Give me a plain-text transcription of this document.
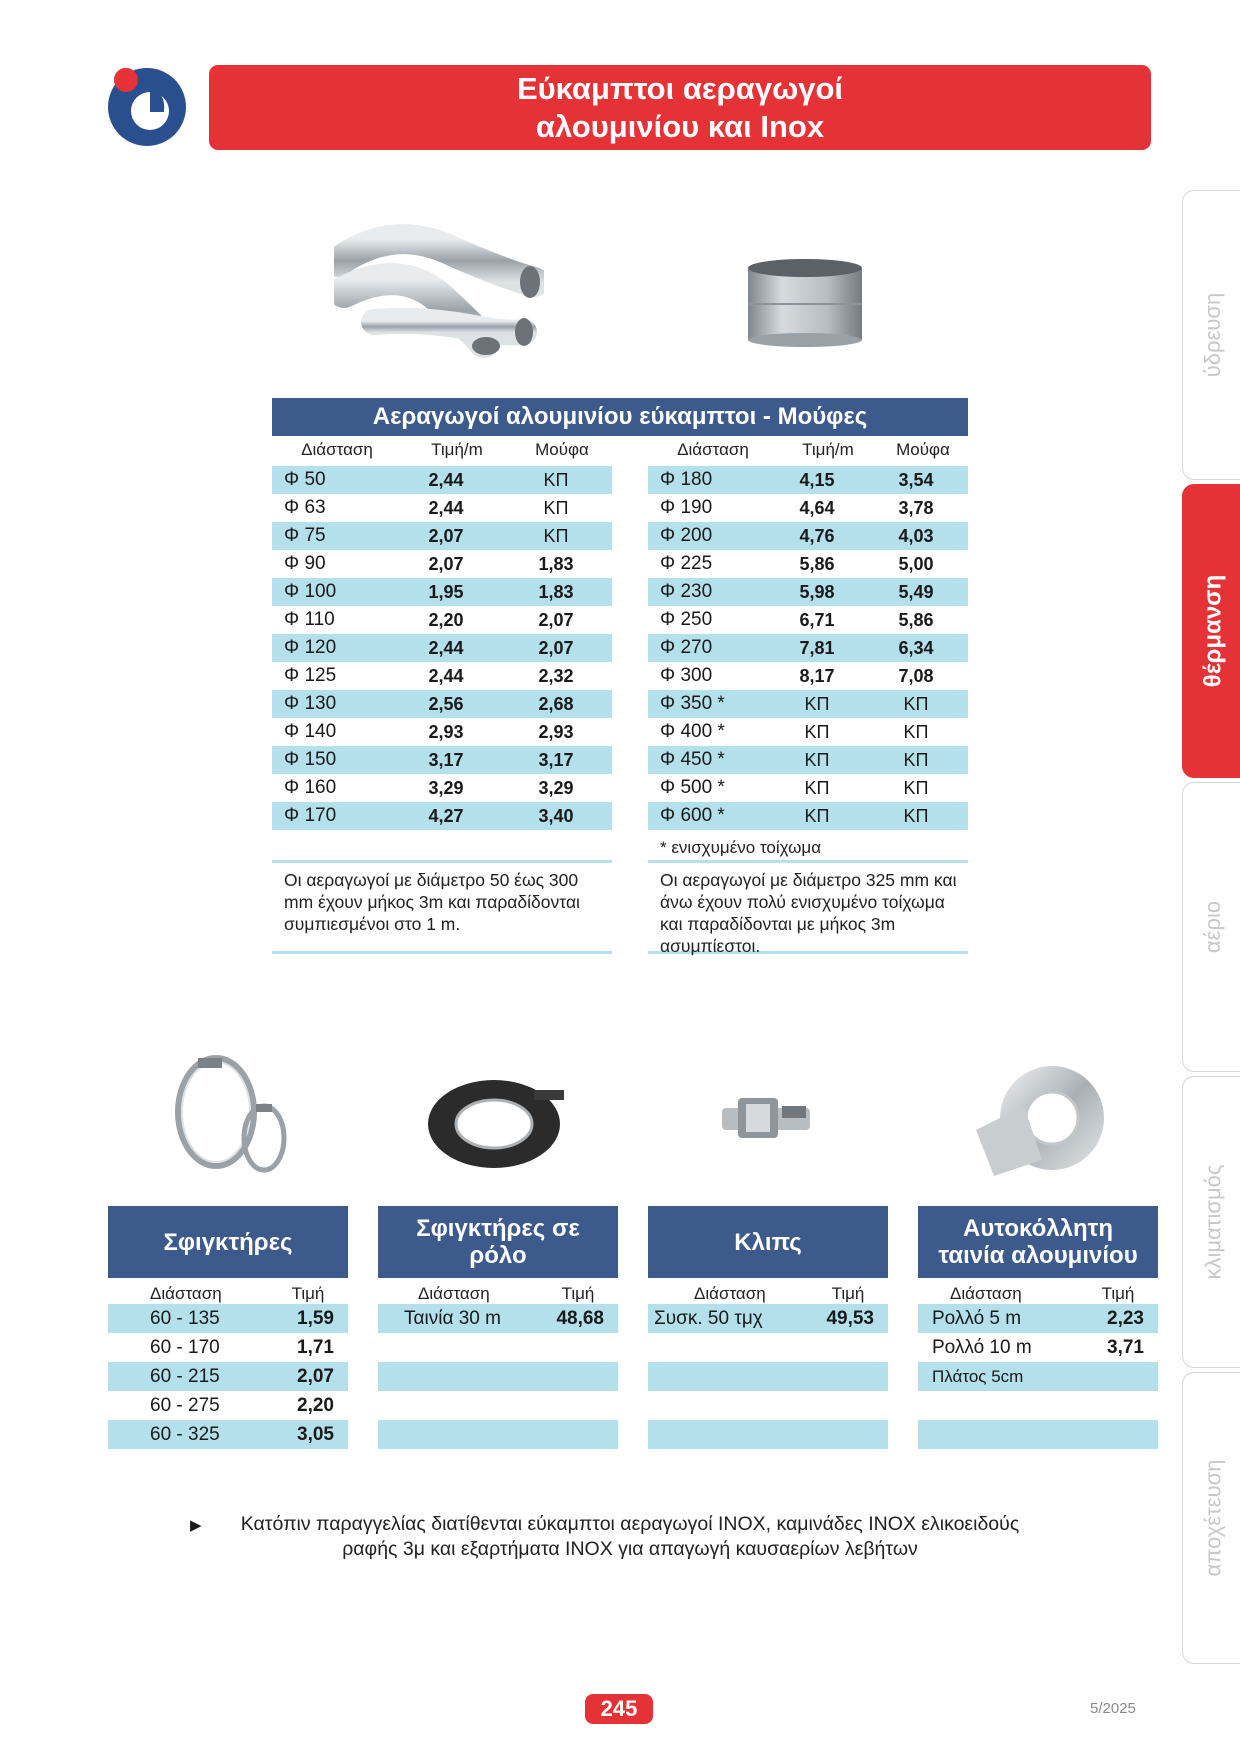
Εύκαμπτοι αεραγωγοί
αλουμινίου και Inox
ύδρευση
θέρμανση
αέριο
κλιματισμός
αποχέτευση
Αεραγωγοί αλουμινίου εύκαμπτοι - Μούφες
Διάσταση	Τιμή/m	Μούφα	Διάσταση	Τιμή/m	Μούφα
Φ 50	2,44	ΚΠ
Φ 63	2,44	ΚΠ
Φ 75	2,07	ΚΠ
Φ 90	2,07	1,83
Φ 100	1,95	1,83
Φ 110	2,20	2,07
Φ 120	2,44	2,07
Φ 125	2,44	2,32
Φ 130	2,56	2,68
Φ 140	2,93	2,93
Φ 150	3,17	3,17
Φ 160	3,29	3,29
Φ 170	4,27	3,40
Φ 180	4,15	3,54
Φ 190	4,64	3,78
Φ 200	4,76	4,03
Φ 225	5,86	5,00
Φ 230	5,98	5,49
Φ 250	6,71	5,86
Φ 270	7,81	6,34
Φ 300	8,17	7,08
Φ 350 *	ΚΠ	ΚΠ
Φ 400 *	ΚΠ	ΚΠ
Φ 450 *	ΚΠ	ΚΠ
Φ 500 *	ΚΠ	ΚΠ
Φ 600 *	ΚΠ	ΚΠ
* ενισχυμένο τοίχωμα
Οι αεραγωγοί με διάμετρο 50 έως 300 mm έχουν μήκος 3m και παραδίδονται συμπιεσμένοι στο 1 m.
Οι αεραγωγοί με διάμετρο 325 mm και άνω έχουν πολύ ενισχυμένο τοίχωμα και παραδίδονται με μήκος 3m ασυμπίεστοι.
Σφιγκτήρες
Διάσταση	Τιμή
60 - 135	1,59
60 - 170	1,71
60 - 215	2,07
60 - 275	2,20
60 - 325	3,05
Σφιγκτήρες σε
ρόλο
Διάσταση	Τιμή
Ταινία 30 m	48,68
Κλιπς
Διάσταση	Τιμή
Συσκ. 50 τμχ	49,53
Αυτοκόλλητη
ταινία αλουμινίου
Διάσταση	Τιμή
Ρολλό 5 m	2,23
Ρολλό 10 m	3,71
Πλάτος 5cm
▶	Κατόπιν παραγγελίας διατίθενται εύκαμπτοι αεραγωγοί INOX, καμινάδες INOX ελικοειδούς
ραφής 3μ και εξαρτήματα INOX για απαγωγή καυσαερίων λεβήτων
245	5/2025
